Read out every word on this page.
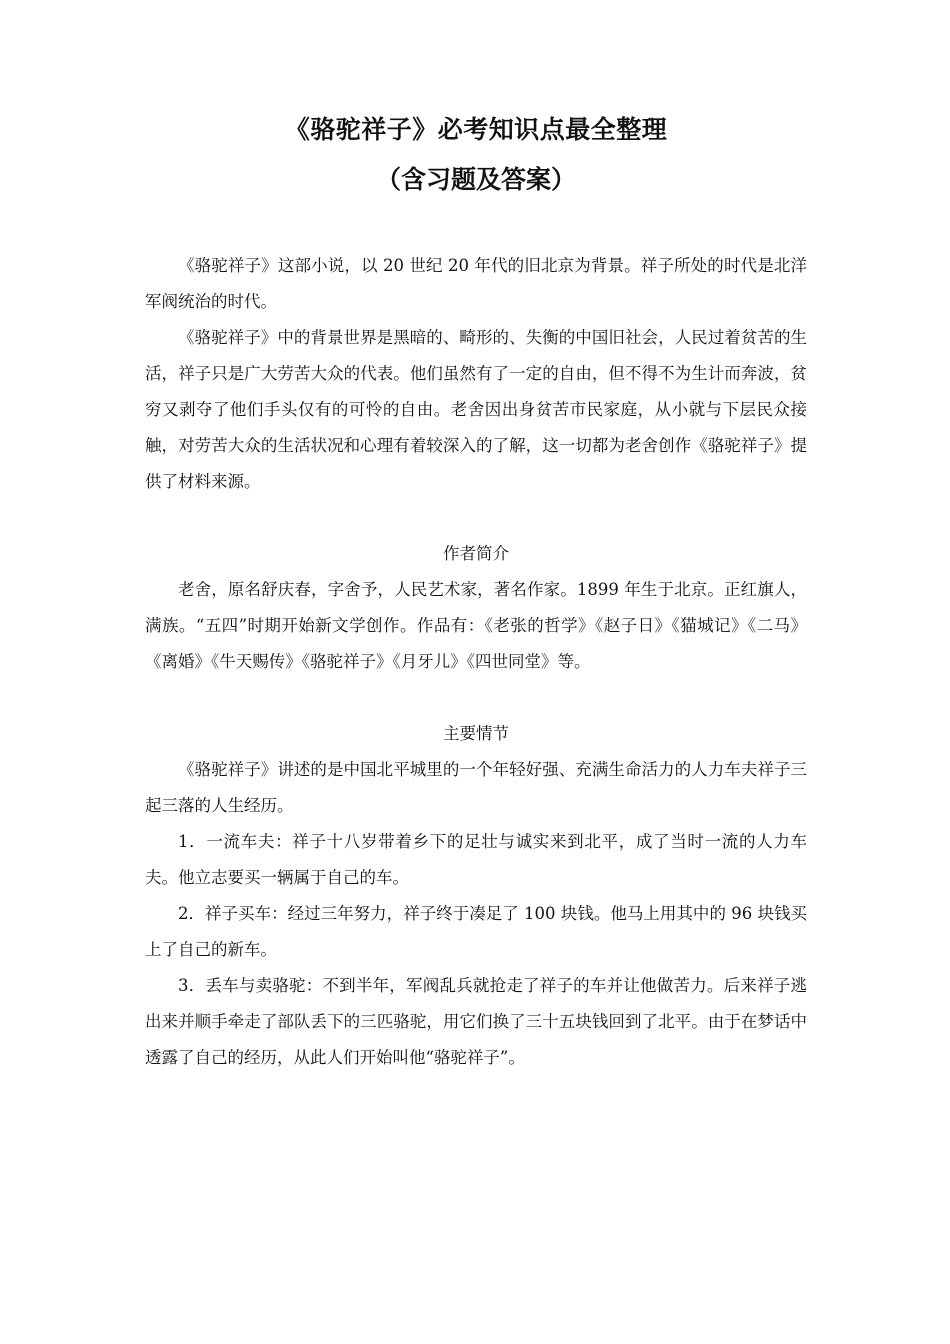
《骆驼祥子》必考知识点最全整理
（含习题及答案）

《骆驼祥子》这部小说，以 20 世纪 20 年代的旧北京为背景。祥子所处的时代是北洋军阀统治的时代。

《骆驼祥子》中的背景世界是黑暗的、畸形的、失衡的中国旧社会，人民过着贫苦的生活，祥子只是广大劳苦大众的代表。他们虽然有了一定的自由，但不得不为生计而奔波，贫穷又剥夺了他们手头仅有的可怜的自由。老舍因出身贫苦市民家庭，从小就与下层民众接触，对劳苦大众的生活状况和心理有着较深入的了解，这一切都为老舍创作《骆驼祥子》提供了材料来源。

作者简介

老舍，原名舒庆春，字舍予，人民艺术家，著名作家。1899 年生于北京。正红旗人，满族。“五四”时期开始新文学创作。作品有：《老张的哲学》《赵子日》《猫城记》《二马》《离婚》《牛天赐传》《骆驼祥子》《月牙儿》《四世同堂》等。

主要情节

《骆驼祥子》讲述的是中国北平城里的一个年轻好强、充满生命活力的人力车夫祥子三起三落的人生经历。

1．一流车夫：祥子十八岁带着乡下的足壮与诚实来到北平，成了当时一流的人力车夫。他立志要买一辆属于自己的车。

2．祥子买车：经过三年努力，祥子终于凑足了 100 块钱。他马上用其中的 96 块钱买上了自己的新车。

3．丢车与卖骆驼：不到半年，军阀乱兵就抢走了祥子的车并让他做苦力。后来祥子逃出来并顺手牵走了部队丢下的三匹骆驼，用它们换了三十五块钱回到了北平。由于在梦话中透露了自己的经历，从此人们开始叫他“骆驼祥子”。
